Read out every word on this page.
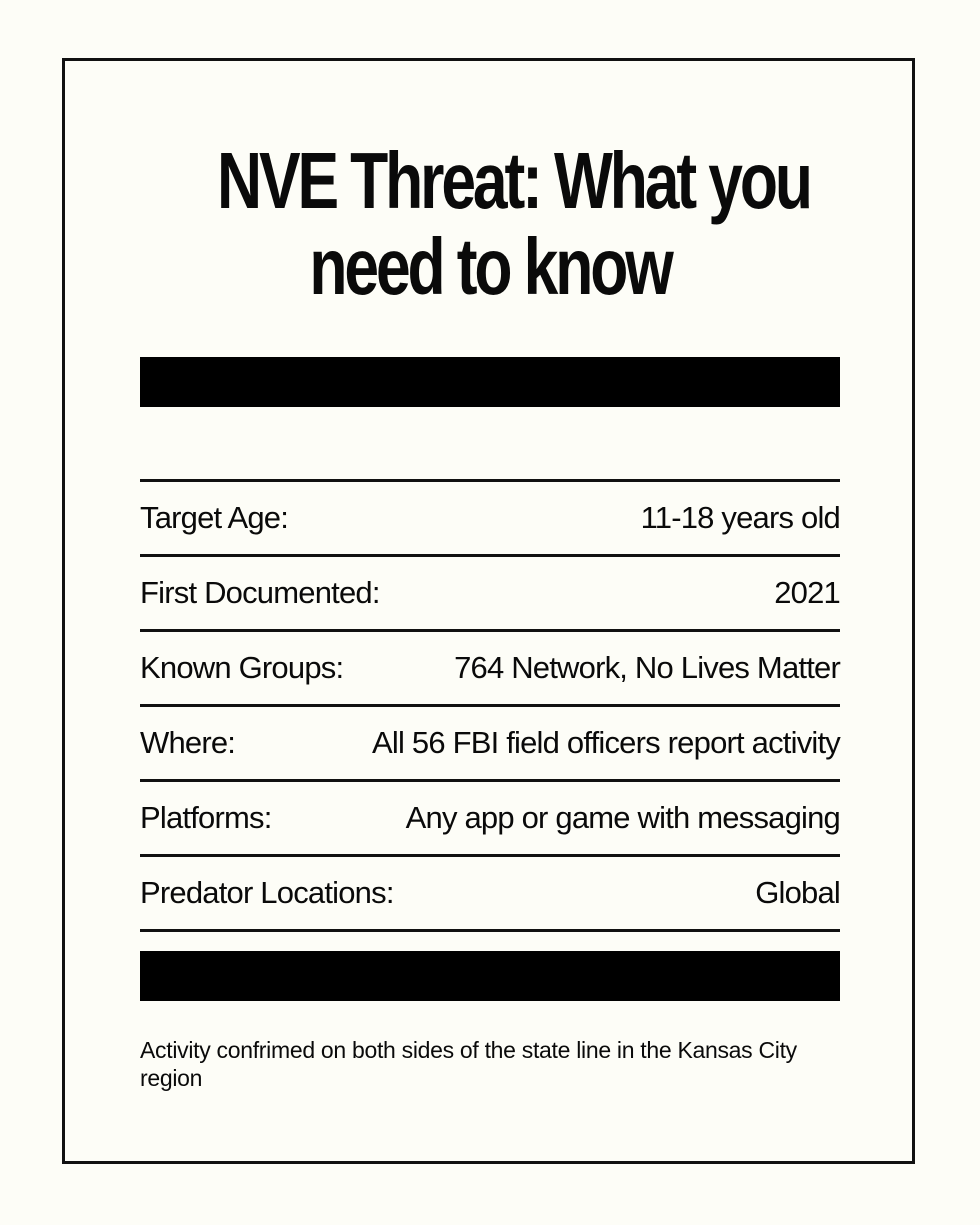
NVE Threat: What you
need to know
Target Age:	11-18 years old
First Documented:	2021
Known Groups:	764 Network, No Lives Matter
Where:	All 56 FBI field officers report activity
Platforms:	Any app or game with messaging
Predator Locations:	Global

Activity confrimed on both sides of the state line in the Kansas City region
